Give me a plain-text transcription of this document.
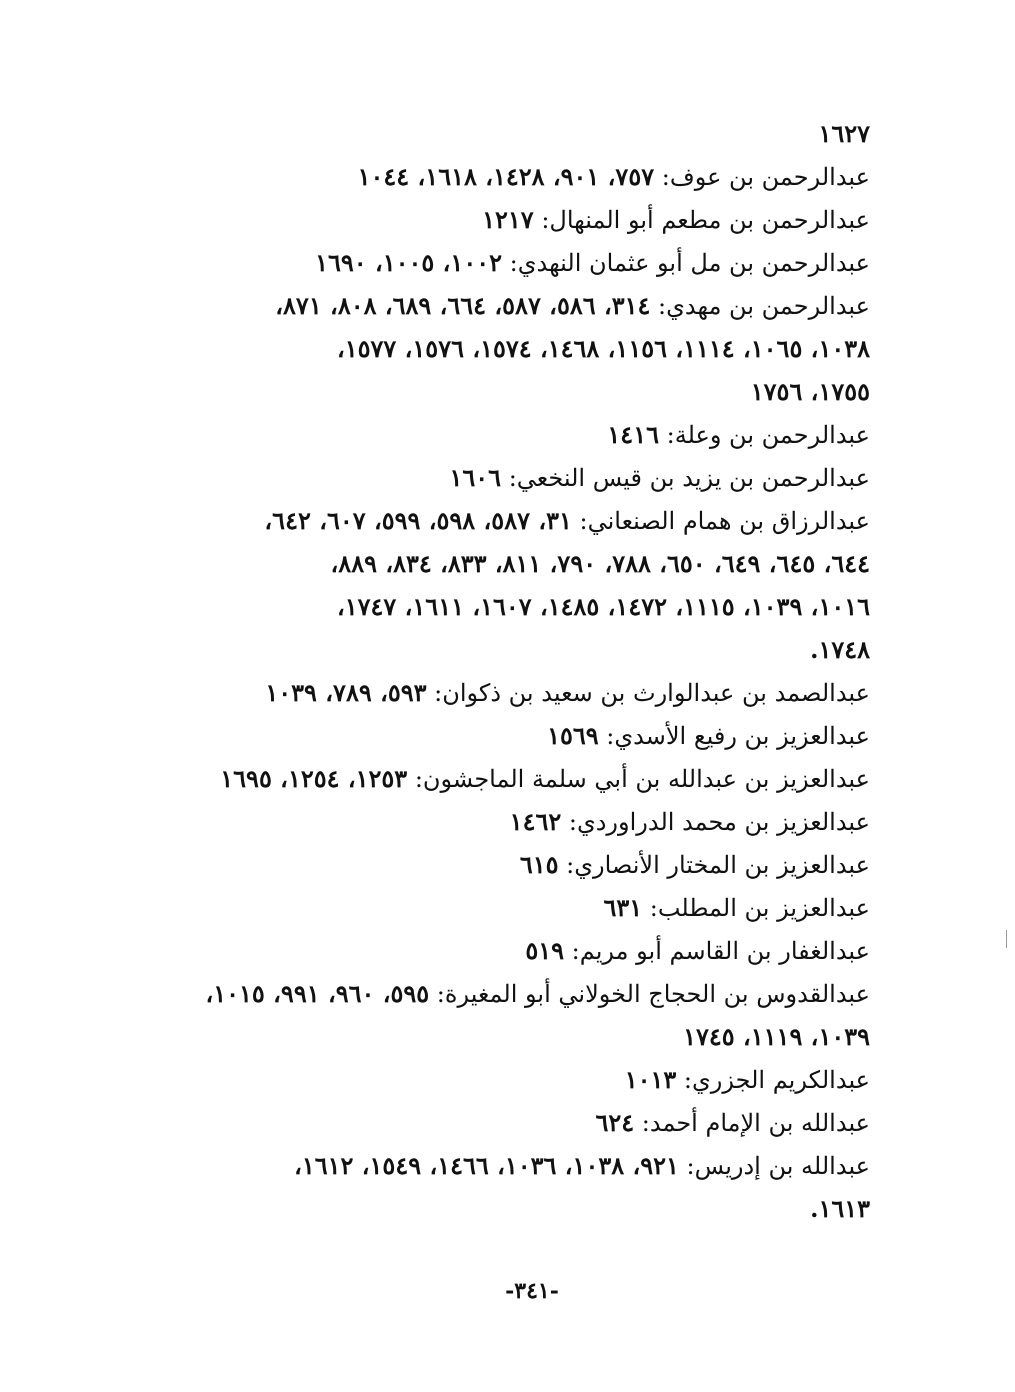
١٦٢٧
عبدالرحمن بن عوف: ٧٥٧، ٩٠١، ١٤٢٨، ١٦١٨، ١٠٤٤
عبدالرحمن بن مطعم أبو المنهال: ١٢١٧
عبدالرحمن بن مل أبو عثمان النهدي: ١٠٠٢، ١٠٠٥، ١٦٩٠
عبدالرحمن بن مهدي: ٣١٤، ٥٨٦، ٥٨٧، ٦٦٤، ٦٨٩، ٨٠٨، ٨٧١،
١٠٣٨، ١٠٦٥، ١١١٤، ١١٥٦، ١٤٦٨، ١٥٧٤، ١٥٧٦، ١٥٧٧،
١٧٥٥، ١٧٥٦
عبدالرحمن بن وعلة: ١٤١٦
عبدالرحمن بن يزيد بن قيس النخعي: ١٦٠٦
عبدالرزاق بن همام الصنعاني: ٣١، ٥٨٧، ٥٩٨، ٥٩٩، ٦٠٧، ٦٤٢،
٦٤٤، ٦٤٥، ٦٤٩، ٦٥٠، ٧٨٨، ٧٩٠، ٨١١، ٨٣٣، ٨٣٤، ٨٨٩،
١٠١٦، ١٠٣٩، ١١١٥، ١٤٧٢، ١٤٨٥، ١٦٠٧، ١٦١١، ١٧٤٧،
١٧٤٨.
عبدالصمد بن عبدالوارث بن سعيد بن ذكوان: ٥٩٣، ٧٨٩، ١٠٣٩
عبدالعزيز بن رفيع الأسدي: ١٥٦٩
عبدالعزيز بن عبدالله بن أبي سلمة الماجشون: ١٢٥٣، ١٢٥٤، ١٦٩٥
عبدالعزيز بن محمد الدراوردي: ١٤٦٢
عبدالعزيز بن المختار الأنصاري: ٦١٥
عبدالعزيز بن المطلب: ٦٣١
عبدالغفار بن القاسم أبو مريم: ٥١٩
عبدالقدوس بن الحجاج الخولاني أبو المغيرة: ٥٩٥، ٩٦٠، ٩٩١، ١٠١٥،
١٠٣٩، ١١١٩، ١٧٤٥
عبدالكريم الجزري: ١٠١٣
عبدالله بن الإمام أحمد: ٦٢٤
عبدالله بن إدريس: ٩٢١، ١٠٣٨، ١٠٣٦، ١٤٦٦، ١٥٤٩، ١٦١٢،
١٦١٣.
-٣٤١-
